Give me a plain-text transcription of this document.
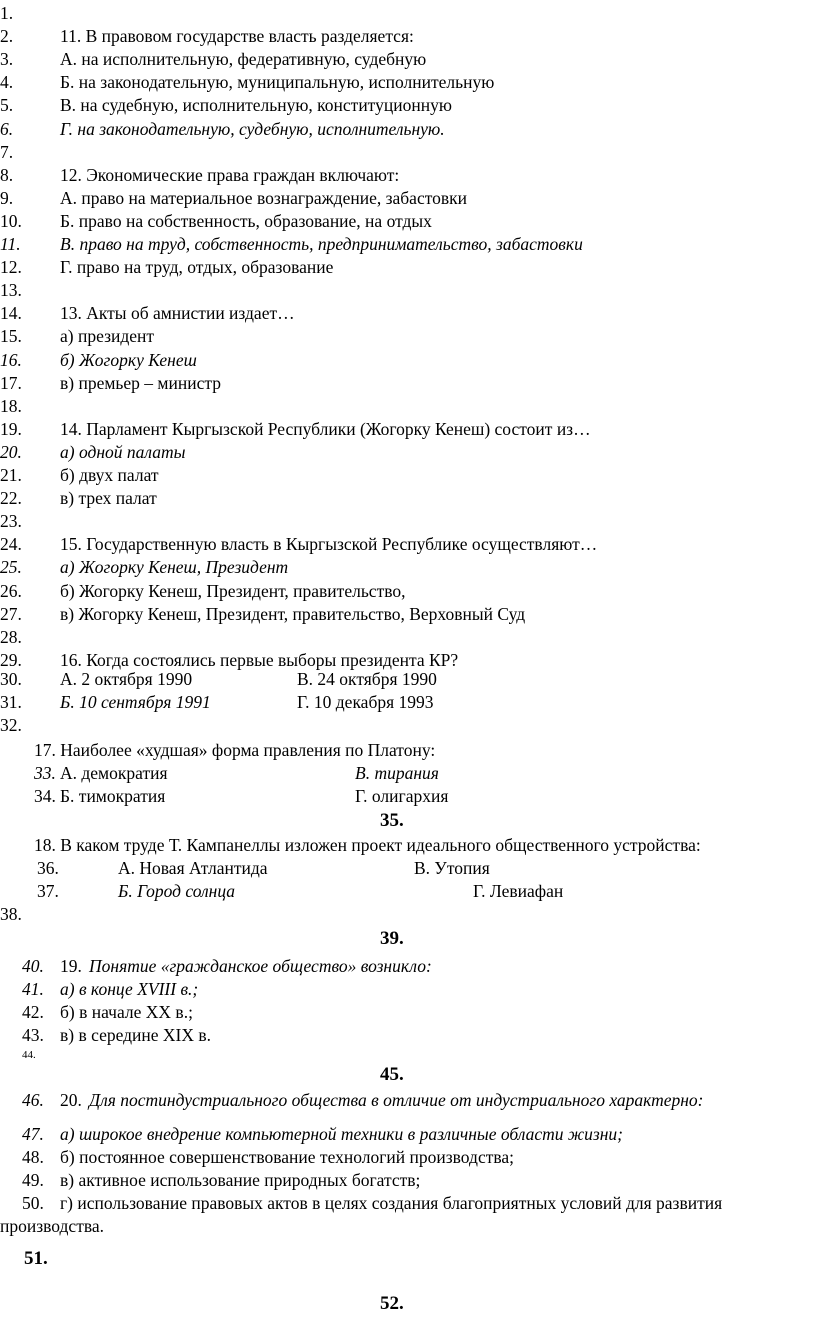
1.
2.	11. В правовом государстве власть разделяется:
3.	А. на исполнительную, федеративную, судебную
4.	Б. на законодательную, муниципальную, исполнительную
5.	В. на судебную, исполнительную, конституционную
6.	Г. на законодательную, судебную, исполнительную.
7.
8.	12. Экономические права граждан включают:
9.	А. право на материальное вознаграждение, забастовки
10. Б. право на собственность, образование, на отдых
11. В. право на труд, собственность, предпринимательство, забастовки
12. Г. право на труд, отдых, образование
13.
14. 13. Акты об амнистии издает…
15. а) президент
16. б) Жогорку Кенеш
17. в) премьер – министр
18.
19. 14. Парламент Кыргызской Республики (Жогорку Кенеш) состоит из…
20. а) одной палаты
21. б) двух палат
22. в) трех палат
23.
24. 15. Государственную власть в Кыргызской Республике осуществляют…
25. а) Жогорку Кенеш, Президент
26. б) Жогорку Кенеш, Президент, правительство,
27. в) Жогорку Кенеш, Президент, правительство, Верховный Суд
28.
29. 16. Когда состоялись первые выборы президента КР?
30. А. 2 октября 1990	В. 24 октября 1990
31. Б. 10 сентября 1991	Г. 10 декабря 1993
32.
17. Наиболее «худшая» форма правления по Платону:
33. А. демократия	В. тирания
34. Б. тимократия	Г. олигархия
35.
18. В каком труде Т. Кампанеллы изложен проект идеального общественного устройства:
36.	А. Новая Атлантида	В. Утопия
37.	Б. Город солнца	Г. Левиафан
38.
39.
40. 19. Понятие «гражданское общество» возникло:
41. а) в конце XVIII в.;
42. б) в начале XX в.;
43. в) в середине XIX в.
44.
45.
46. 20. Для постиндустриального общества в отличие от индустриального характерно:
47. а) широкое внедрение компьютерной техники в различные области жизни;
48. б) постоянное совершенствование технологий производства;
49. в) активное использование природных богатств;
50. г) использование правовых актов в целях создания благоприятных условий для развития
производства.
51.
52.
